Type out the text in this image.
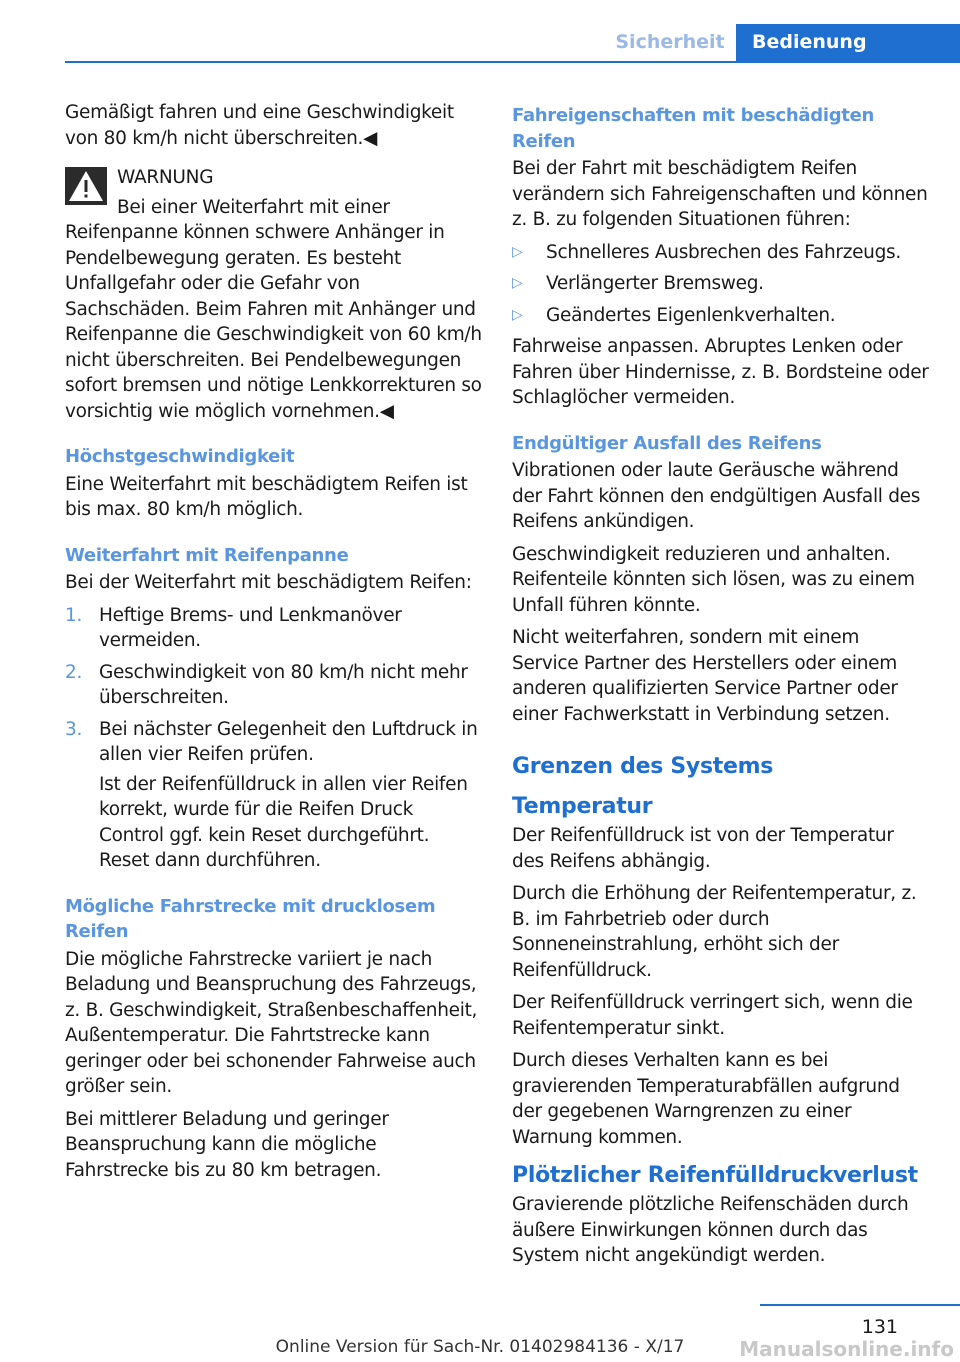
Sicherheit	Bedienung

Gemäßigt fahren und eine Geschwindigkeit von 80 km/h nicht überschreiten.◀

WARNUNG

Bei einer Weiterfahrt mit einer Reifenpanne können schwere Anhänger in Pendelbewegung geraten. Es besteht Unfallgefahr oder die Gefahr von Sachschäden. Beim Fahren mit Anhänger und Reifenpanne die Geschwindigkeit von 60 km/h nicht überschreiten. Bei Pendelbewegungen sofort bremsen und nötige Lenkkorrekturen so vorsichtig wie möglich vornehmen.◀

Höchstgeschwindigkeit

Eine Weiterfahrt mit beschädigtem Reifen ist bis max. 80 km/h möglich.

Weiterfahrt mit Reifenpanne

Bei der Weiterfahrt mit beschädigtem Reifen:

1. Heftige Brems- und Lenkmanöver vermeiden.
2. Geschwindigkeit von 80 km/h nicht mehr überschreiten.
3. Bei nächster Gelegenheit den Luftdruck in allen vier Reifen prüfen.

Ist der Reifenfülldruck in allen vier Reifen korrekt, wurde für die Reifen Druck Control ggf. kein Reset durchgeführt. Reset dann durchführen.

Mögliche Fahrstrecke mit drucklosem Reifen

Die mögliche Fahrstrecke variiert je nach Beladung und Beanspruchung des Fahrzeugs, z. B. Geschwindigkeit, Straßenbeschaffenheit, Außentemperatur. Die Fahrtstrecke kann geringer oder bei schonender Fahrweise auch größer sein.

Bei mittlerer Beladung und geringer Beanspruchung kann die mögliche Fahrstrecke bis zu 80 km betragen.

Fahreigenschaften mit beschädigten Reifen

Bei der Fahrt mit beschädigtem Reifen verändern sich Fahreigenschaften und können z. B. zu folgenden Situationen führen:

▷ Schnelleres Ausbrechen des Fahrzeugs.
▷ Verlängerter Bremsweg.
▷ Geändertes Eigenlenkverhalten.

Fahrweise anpassen. Abruptes Lenken oder Fahren über Hindernisse, z. B. Bordsteine oder Schlaglöcher vermeiden.

Endgültiger Ausfall des Reifens

Vibrationen oder laute Geräusche während der Fahrt können den endgültigen Ausfall des Reifens ankündigen.

Geschwindigkeit reduzieren und anhalten. Reifenteile könnten sich lösen, was zu einem Unfall führen könnte.

Nicht weiterfahren, sondern mit einem Service Partner des Herstellers oder einem anderen qualifizierten Service Partner oder einer Fachwerkstatt in Verbindung setzen.

Grenzen des Systems
Temperatur

Der Reifenfülldruck ist von der Temperatur des Reifens abhängig.

Durch die Erhöhung der Reifentemperatur, z. B. im Fahrbetrieb oder durch Sonneneinstrahlung, erhöht sich der Reifenfülldruck.

Der Reifenfülldruck verringert sich, wenn die Reifentemperatur sinkt.

Durch dieses Verhalten kann es bei gravierenden Temperaturabfällen aufgrund der gegebenen Warngrenzen zu einer Warnung kommen.

Plötzlicher Reifenfülldruckverlust

Gravierende plötzliche Reifenschäden durch äußere Einwirkungen können durch das System nicht angekündigt werden.

131
Online Version für Sach-Nr. 01402984136 - X/17	Manualsonline.info
